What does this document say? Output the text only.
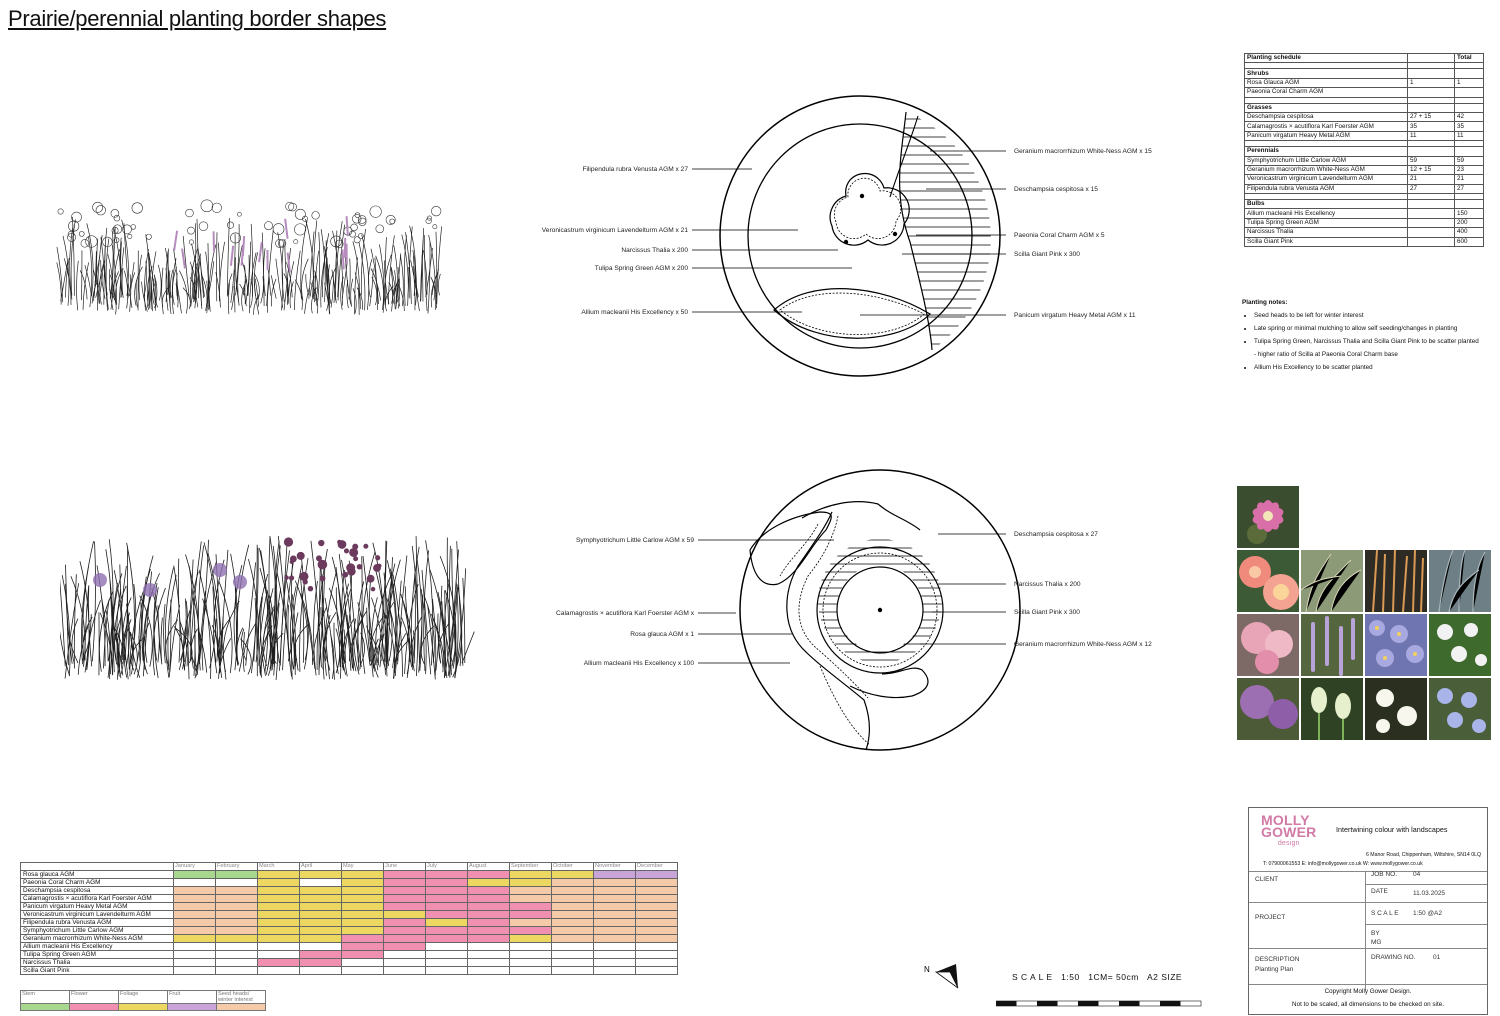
Prairie/perennial planting border shapes
Filipendula rubra Venusta AGM x 27
Veronicastrum virginicum Lavendelturm AGM x 21
Narcissus Thalia x 200
Tulipa Spring Green AGM x 200
Allium macleanii His Excellency x 50
Geranium macrorrhizum White-Ness AGM x 15
Deschampsia cespitosa x 15
Paeonia Coral Charm AGM x 5
Scilla Giant Pink x 300
Panicum virgatum Heavy Metal AGM x 11
Symphyotrichum Little Carlow AGM x 59
Calamagrostis × acutiflora Karl Foerster AGM x
Rosa glauca AGM x 1
Allium macleanii His Excellency x 100
Deschampsia cespitosa x 27
Narcissus Thalia x 200
Scilla Giant Pink x 300
Geranium macrorrhizum White-Ness AGM x 12
Planting schedule		Total

Shrubs		
Rosa Glauca AGM	1	1
Paeonia Coral Charm AGM		

Grasses		
Deschampsia cespitosa	27 + 15	42
Calamagrostis × acutiflora Karl Foerster AGM	35	35
Panicum virgatum Heavy Metal AGM	11	11

Perennials		
Symphyotrichum Little Carlow AGM	59	59
Geranium macrorrhizum White-Ness AGM	12 + 15	23
Veronicastrum virginicum Lavendelturm AGM	21	21
Filipendula rubra Venusta AGM	27	27

Bulbs		
Allium macleanii His Excellency		150
Tulipa Spring Green AGM		200
Narcissus Thalia		400
Scilla Giant Pink		600
Planting notes:
• Seed heads to be left for winter interest
• Late spring or minimal mulching to allow self seeding/changes in planting
• Tulipa Spring Green, Narcissus Thalia and Scilla Giant Pink to be scatter planted
- higher ratio of Scilla at Paeonia Coral Charm base
• Allium His Excellency to be scatter planted
	January	February	March	April	May	June	July	August	September	October	November	December
Rosa glauca AGM												
Paeonia Coral Charm AGM												
Deschampsia cespitosa												
Calamagrostis × acutiflora Karl Foerster AGM												
Panicum virgatum Heavy Metal AGM												
Veronicastrum virginicum Lavendelturm AGM												
Filipendula rubra Venusta AGM												
Symphyotrichum Little Carlow AGM												
Geranium macrorrhizum White-Ness AGM												
Allium macleanii His Excellency												
Tulipa Spring Green AGM												
Narcissus Thalia												
Scilla Giant Pink												
Stem	Flower	Foliage	Fruit	Seed heads/ winter interest

N
S C A L E   1:50   1CM= 50cm   A2 SIZE
MOLLY
GOWER
design
Intertwining colour with landscapes
6 Manor Road, Chippenham, Wiltshire, SN14 0LQ
T: 07900061553 E: info@mollygower.co.uk W: www.mollygower.co.uk
CLIENT
JOB NO. 04
DATE	11.03.2025
PROJECT
S C A L E 1:50 @A2
BY
MG
DESCRIPTION
Planting Plan
DRAWING NO.	01
Copyright Molly Gower Design.
Not to be scaled, all dimensions to be checked on site.
